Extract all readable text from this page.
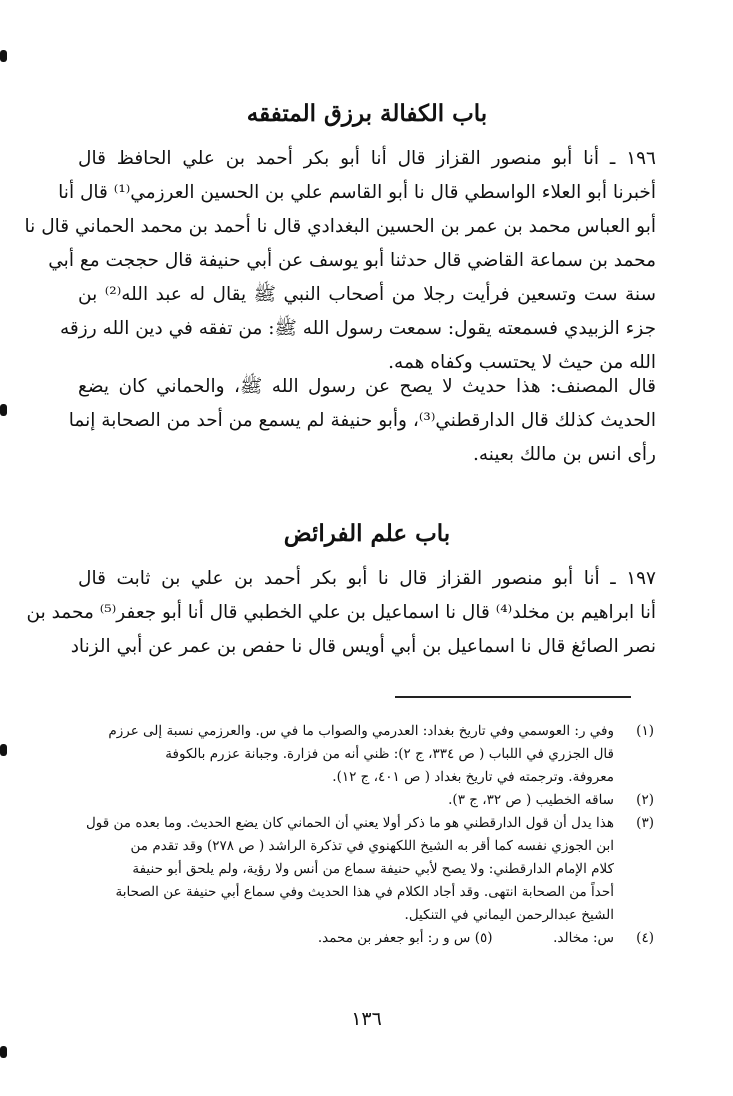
باب الكفالة برزق المتفقه

١٩٦ ـ أنا أبو منصور القزاز قال أنا أبو بكر أحمد بن علي الحافظ قال
أخبرنا أبو العلاء الواسطي قال نا أبو القاسم علي بن الحسين العرزمي⁽¹⁾ قال أنا
أبو العباس محمد بن عمر بن الحسين البغدادي قال نا أحمد بن محمد الحماني قال نا
محمد بن سماعة القاضي قال حدثنا أبو يوسف عن أبي حنيفة قال حججت مع أبي
سنة ست وتسعين فرأيت رجلا من أصحاب النبي ﷺ يقال له عبد الله⁽²⁾ بن
جزء الزبيدي فسمعته يقول: سمعت رسول الله ﷺ: من تفقه في دين الله رزقه
الله من حيث لا يحتسب وكفاه همه.

قال المصنف: هذا حديث لا يصح عن رسول الله ﷺ، والحماني كان يضع
الحديث كذلك قال الدارقطني⁽³⁾، وأبو حنيفة لم يسمع من أحد من الصحابة إنما
رأى انس بن مالك بعينه.

باب علم الفرائض

١٩٧ ـ أنا أبو منصور القزاز قال نا أبو بكر أحمد بن علي بن ثابت قال
أنا ابراهيم بن مخلد⁽⁴⁾ قال نا اسماعيل بن علي الخطبي قال أنا أبو جعفر⁽⁵⁾ محمد بن
نصر الصائغ قال نا اسماعيل بن أبي أويس قال نا حفص بن عمر عن أبي الزناد

(١)
وفي ر: العوسمي وفي تاريخ بغداد: العدرمي والصواب ما في س. والعرزمي نسبة إلى عرزم
قال الجزري في اللباب ( ص ٣٣٤، ج ٢): ظني أنه من فزارة. وجبانة عزرم بالكوفة
معروفة. وترجمته في تاريخ بغداد ( ص ٤٠١، ج ١٢).
(٢)
ساقه الخطيب ( ص ٣٢، ج ٣).
(٣)
هذا يدل أن قول الدارقطني هو ما ذكر أولا يعني أن الحماني كان يضع الحديث. وما بعده من قول
ابن الجوزي نفسه كما أقر به الشيخ اللكهنوي في تذكرة الراشد ( ص ٢٧٨) وقد تقدم من
كلام الإمام الدارقطني: ولا يصح لأبي حنيفة سماع من أنس ولا رؤية، ولم يلحق أبو حنيفة
أحداً من الصحابة انتهى. وقد أجاد الكلام في هذا الحديث وفي سماع أبي حنيفة عن الصحابة
الشيخ عبدالرحمن اليماني في التنكيل.
(٤)
س: مخالد.  (٥) س و ر: أبو جعفر بن محمد.
١٣٦
